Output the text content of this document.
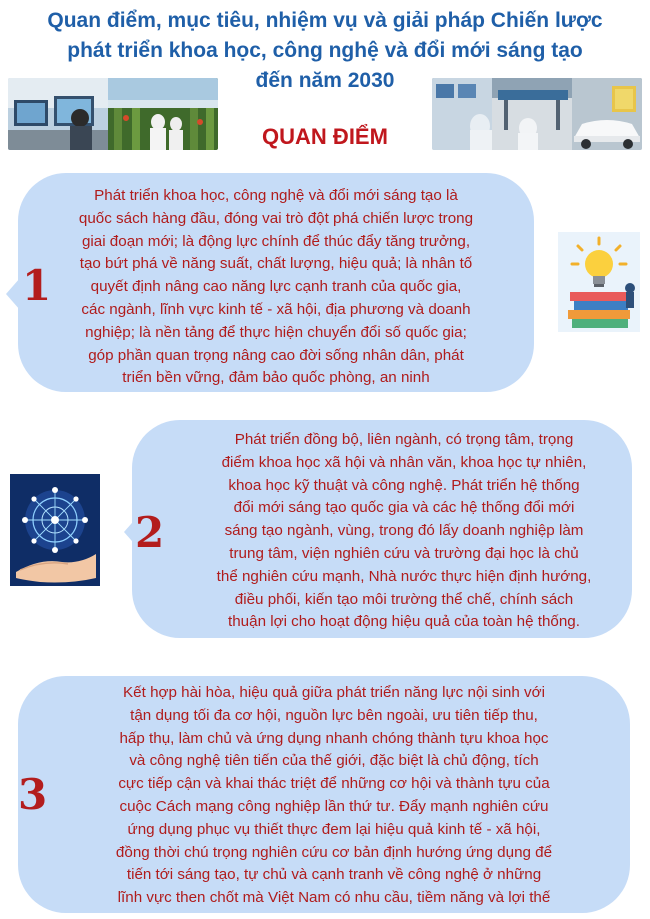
Quan điểm, mục tiêu, nhiệm vụ và giải pháp Chiến lược
phát triển khoa học, công nghệ và đổi mới sáng tạo
đến năm 2030
QUAN ĐIỂM

Phát triển khoa học, công nghệ và đổi mới sáng tạo là

quốc sách hàng đầu, đóng vai trò đột phá chiến lược trong

giai đoạn mới; là động lực chính để thúc đẩy tăng trưởng,

tạo bứt phá về năng suất, chất lượng, hiệu quả; là nhân tố

quyết định nâng cao năng lực cạnh tranh của quốc gia,

các ngành, lĩnh vực kinh tế - xã hội, địa phương và doanh

nghiệp; là nền tảng để thực hiện chuyển đổi số quốc gia;

góp phần quan trọng nâng cao đời sống nhân dân, phát

triển bền vững, đảm bảo quốc phòng, an ninh

1

Phát triển đồng bộ, liên ngành, có trọng tâm, trọng

điểm khoa học xã hội và nhân văn, khoa học tự nhiên,

khoa học kỹ thuật và công nghệ. Phát triển hệ thống

đổi mới sáng tạo quốc gia và các hệ thống đổi mới

sáng tạo ngành, vùng, trong đó lấy doanh nghiệp làm

trung tâm, viện nghiên cứu và trường đại học là chủ

thể nghiên cứu mạnh, Nhà nước thực hiện định hướng,

điều phối, kiến tạo môi trường thể chế, chính sách

thuận lợi cho hoạt động hiệu quả của toàn hệ thống.

2

Kết hợp hài hòa, hiệu quả giữa phát triển năng lực nội sinh với

tận dụng tối đa cơ hội, nguồn lực bên ngoài, ưu tiên tiếp thu,

hấp thụ, làm chủ và ứng dụng nhanh chóng thành tựu khoa học

và công nghệ tiên tiến của thế giới, đặc biệt là chủ động, tích

cực tiếp cận và khai thác triệt để những cơ hội và thành tựu của

cuộc Cách mạng công nghiệp lần thứ tư. Đẩy mạnh nghiên cứu

ứng dụng phục vụ thiết thực đem lại hiệu quả kinh tế - xã hội,

đồng thời chú trọng nghiên cứu cơ bản định hướng ứng dụng để

tiến tới sáng tạo, tự chủ và cạnh tranh về công nghệ ở những

lĩnh vực then chốt mà Việt Nam có nhu cầu, tiềm năng và lợi thế

3
